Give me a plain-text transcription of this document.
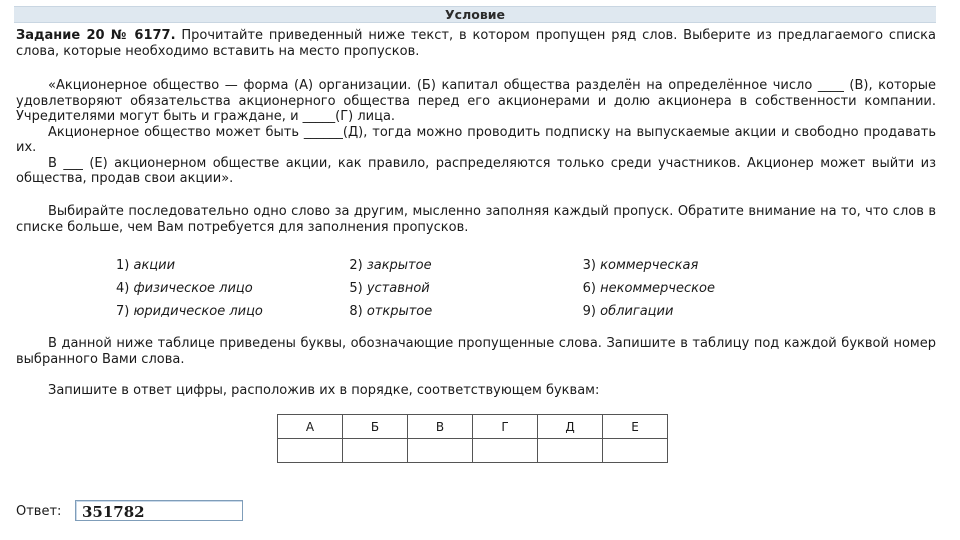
Условие

Задание 20 № 6177. Прочитайте приведенный ниже текст, в котором пропущен ряд слов. Выберите из предлагаемого списка слова, которые необходимо вставить на место пропусков.

«Акционерное общество — форма (А) организации. (Б) капитал общества разделён на определённое число ____ (В), которые удовлетворяют обязательства акционерного общества перед его акционерами и долю акционера в собственности компании. Учредителями могут быть и граждане, и _____(Г) лица.
Акционерное общество может быть ______(Д), тогда можно проводить подписку на выпускаемые акции и свободно продавать их.
В ___ (Е) акционерном обществе акции, как правило, распределяются только среди участников. Акционер может выйти из общества, продав свои акции».

Выбирайте последовательно одно слово за другим, мысленно заполняя каждый пропуск. Обратите внимание на то, что слов в списке больше, чем Вам потребуется для заполнения пропусков.

1) акции	2) закрытое	3) коммерческая
4) физическое лицо	5) уставной	6) некоммерческое
7) юридическое лицо	8) открытое	9) облигации

В данной ниже таблице приведены буквы, обозначающие пропущенные слова. Запишите в таблицу под каждой буквой номер выбранного Вами слова.

Запишите в ответ цифры, расположив их в порядке, соответствующем буквам:

А	Б	В	Г	Д	Е

Ответ:	351782
